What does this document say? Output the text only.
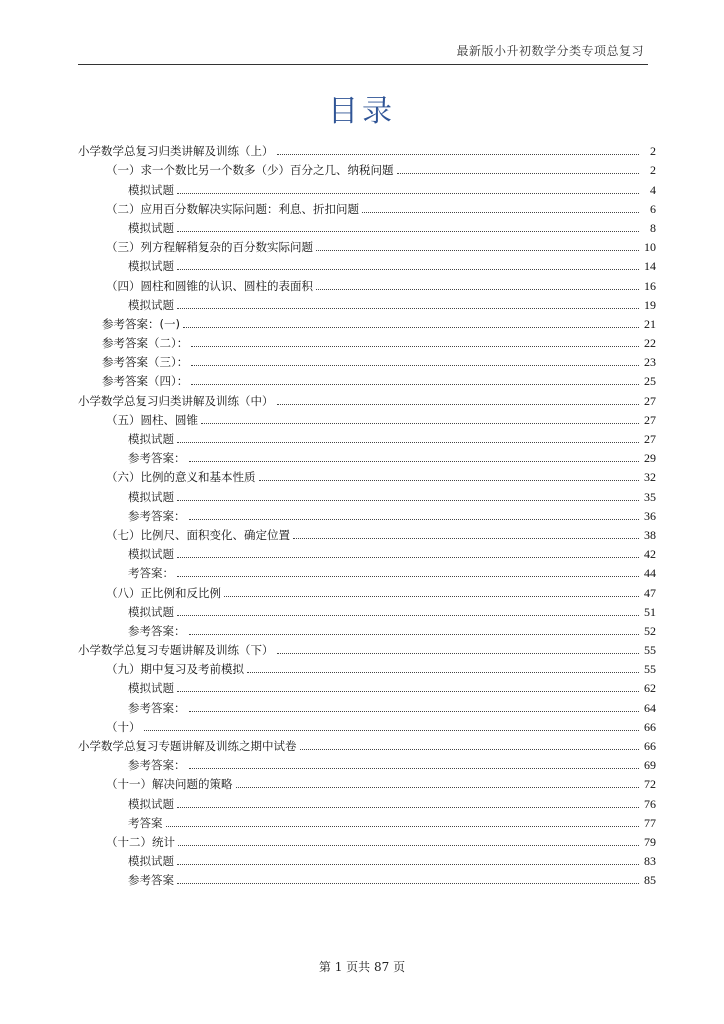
最新版小升初数学分类专项总复习
目录
小学数学总复习归类讲解及训练（上）	2
（一）求一个数比另一个数多（少）百分之几、纳税问题	2
模拟试题	4
（二）应用百分数解决实际问题：利息、折扣问题	6
模拟试题	8
（三）列方程解稍复杂的百分数实际问题	10
模拟试题	14
（四）圆柱和圆锥的认识、圆柱的表面积	16
模拟试题	19
参考答案：(一)	21
参考答案（二）：	22
参考答案（三）：	23
参考答案（四）：	25
小学数学总复习归类讲解及训练（中）	27
（五）圆柱、圆锥	27
模拟试题	27
参考答案：	29
（六）比例的意义和基本性质	32
模拟试题	35
参考答案：	36
（七）比例尺、面积变化、确定位置	38
模拟试题	42
考答案：	44
（八）正比例和反比例	47
模拟试题	51
参考答案：	52
小学数学总复习专题讲解及训练（下）	55
（九）期中复习及考前模拟	55
模拟试题	62
参考答案：	64
（十）	66
小学数学总复习专题讲解及训练之期中试卷	66
参考答案：	69
（十一）解决问题的策略	72
模拟试题	76
考答案	77
（十二）统计	79
模拟试题	83
参考答案	85
第 1 页共 87 页
